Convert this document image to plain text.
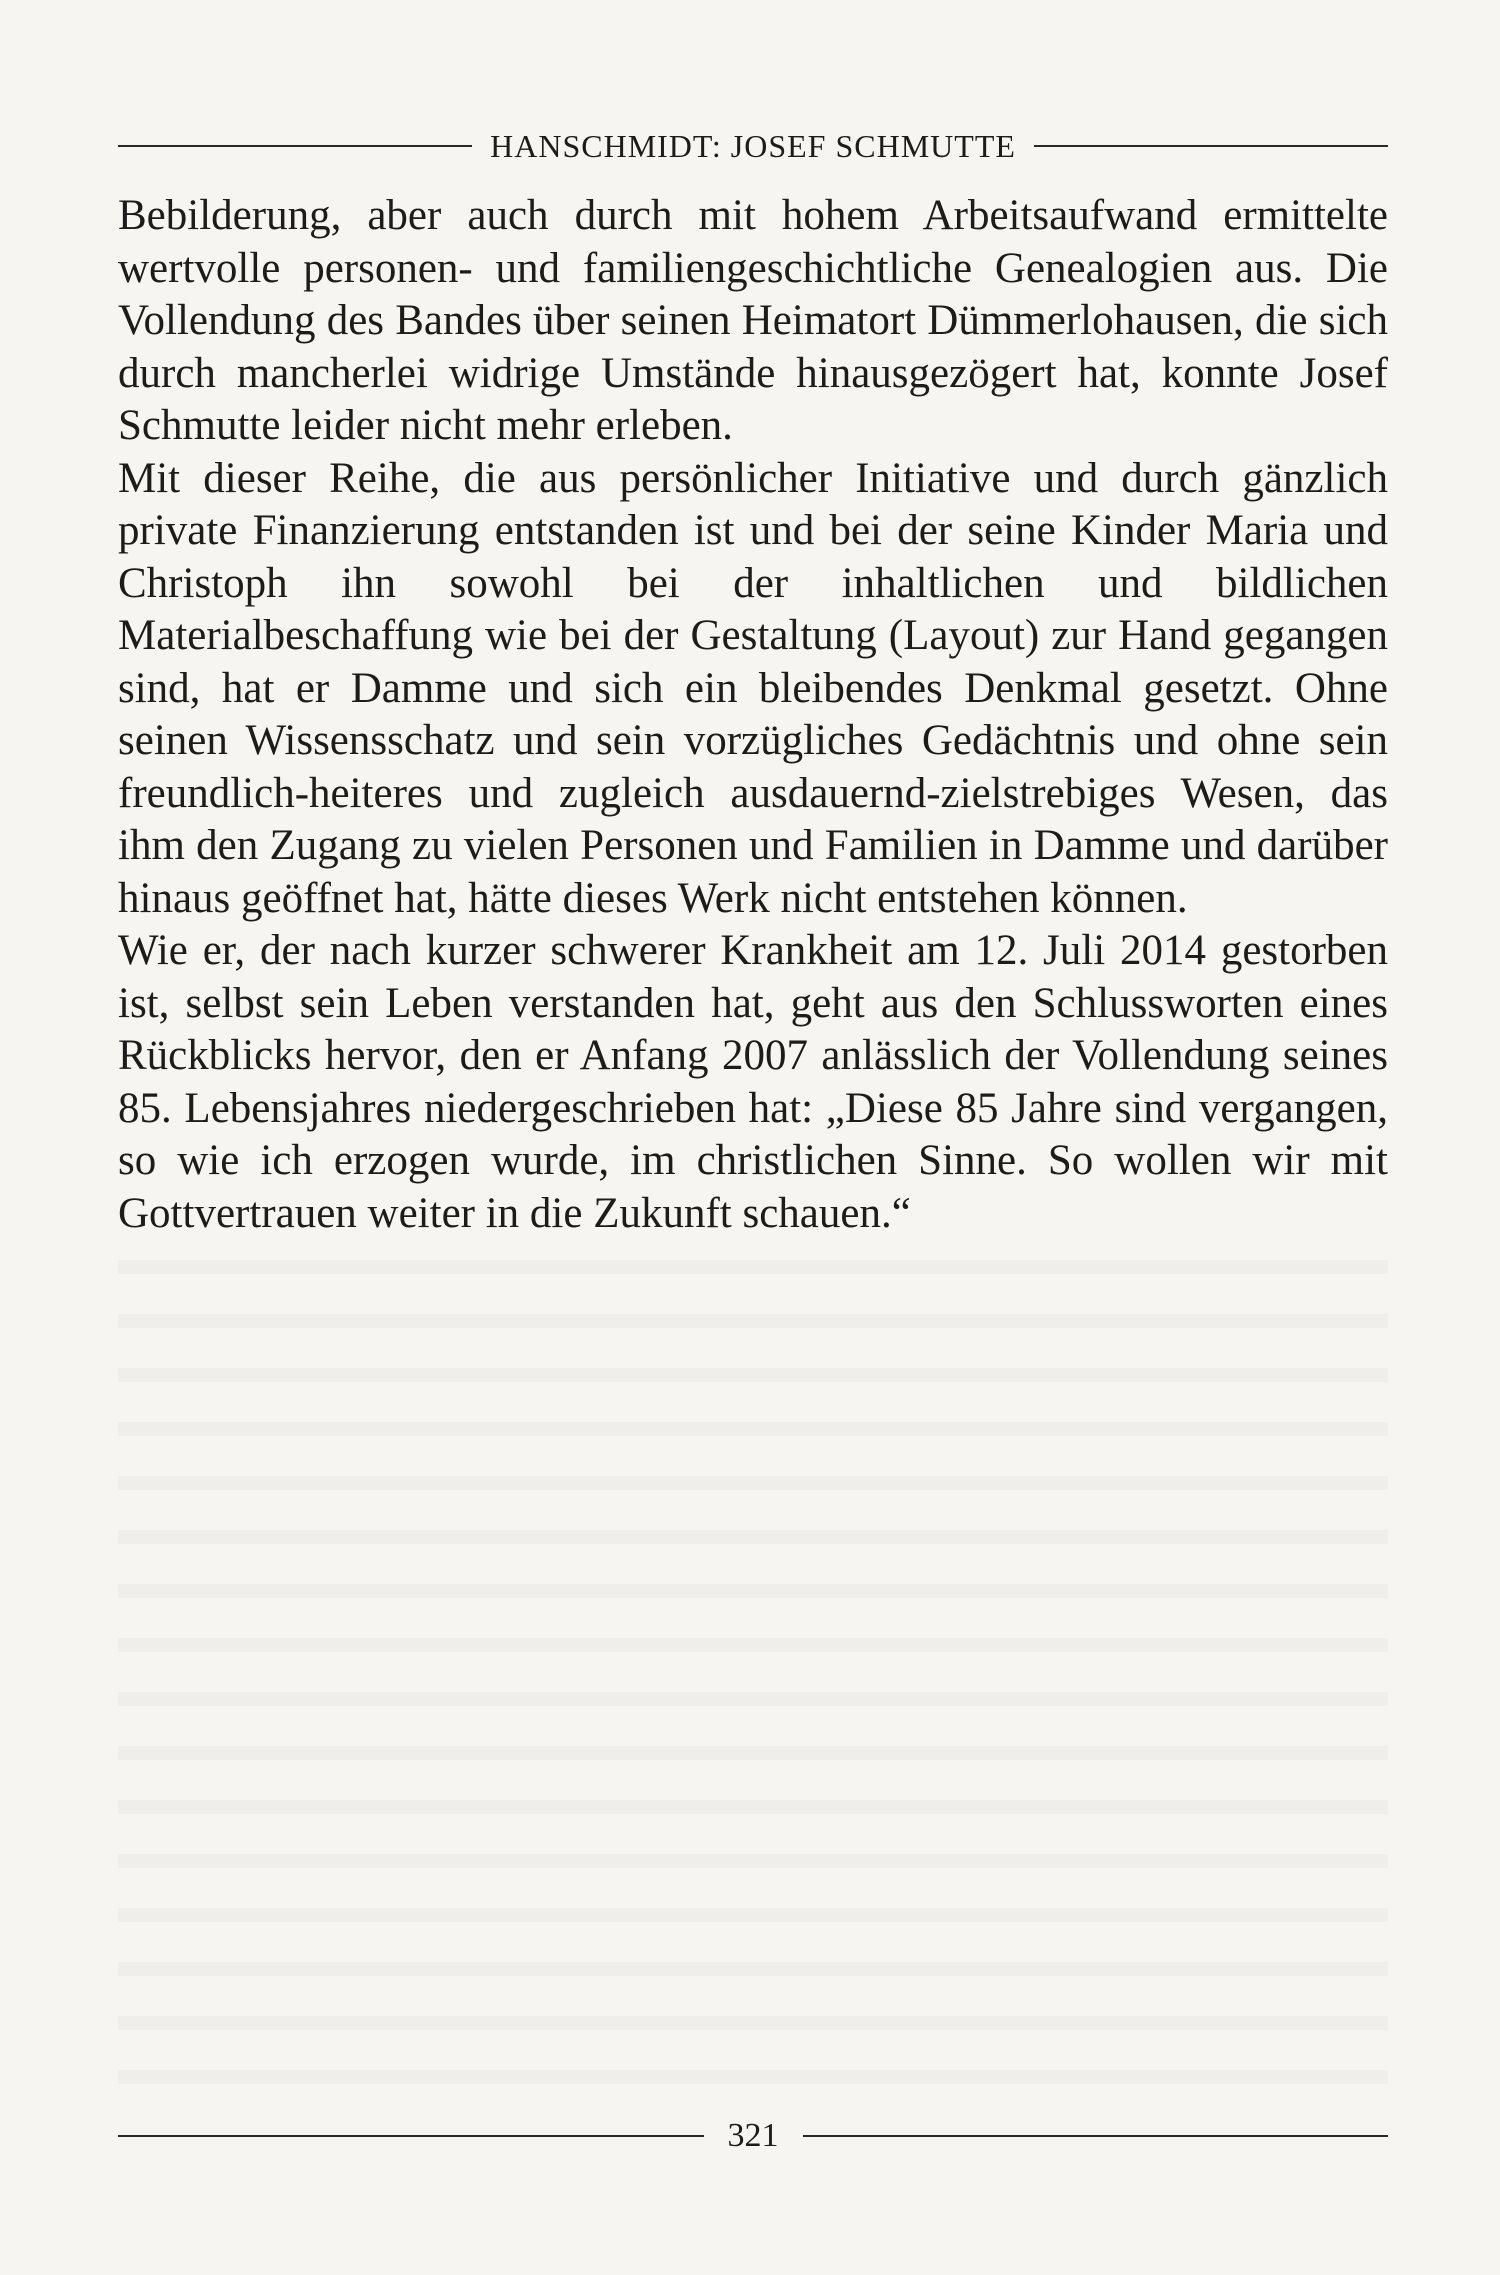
HANSCHMIDT: JOSEF SCHMUTTE

Bebilderung, aber auch durch mit hohem Arbeitsaufwand ermittelte wertvolle personen- und familiengeschichtliche Genealogien aus. Die Vollendung des Bandes über seinen Heimatort Dümmerlohausen, die sich durch mancherlei widrige Umstände hinausgezögert hat, konnte Josef Schmutte leider nicht mehr erleben.

Mit dieser Reihe, die aus persönlicher Initiative und durch gänzlich private Finanzierung entstanden ist und bei der seine Kinder Maria und Christoph ihn sowohl bei der inhaltlichen und bildlichen Materialbeschaffung wie bei der Gestaltung (Layout) zur Hand gegangen sind, hat er Damme und sich ein bleibendes Denkmal gesetzt. Ohne seinen Wissensschatz und sein vorzügliches Gedächtnis und ohne sein freundlich-heiteres und zugleich ausdauernd-zielstrebiges Wesen, das ihm den Zugang zu vielen Personen und Familien in Damme und darüber hinaus geöffnet hat, hätte dieses Werk nicht entstehen können.

Wie er, der nach kurzer schwerer Krankheit am 12. Juli 2014 gestorben ist, selbst sein Leben verstanden hat, geht aus den Schlussworten eines Rückblicks hervor, den er Anfang 2007 anlässlich der Vollendung seines 85. Lebensjahres niedergeschrieben hat: „Diese 85 Jahre sind vergangen, so wie ich erzogen wurde, im christlichen Sinne. So wollen wir mit Gottvertrauen weiter in die Zukunft schauen.“

321
